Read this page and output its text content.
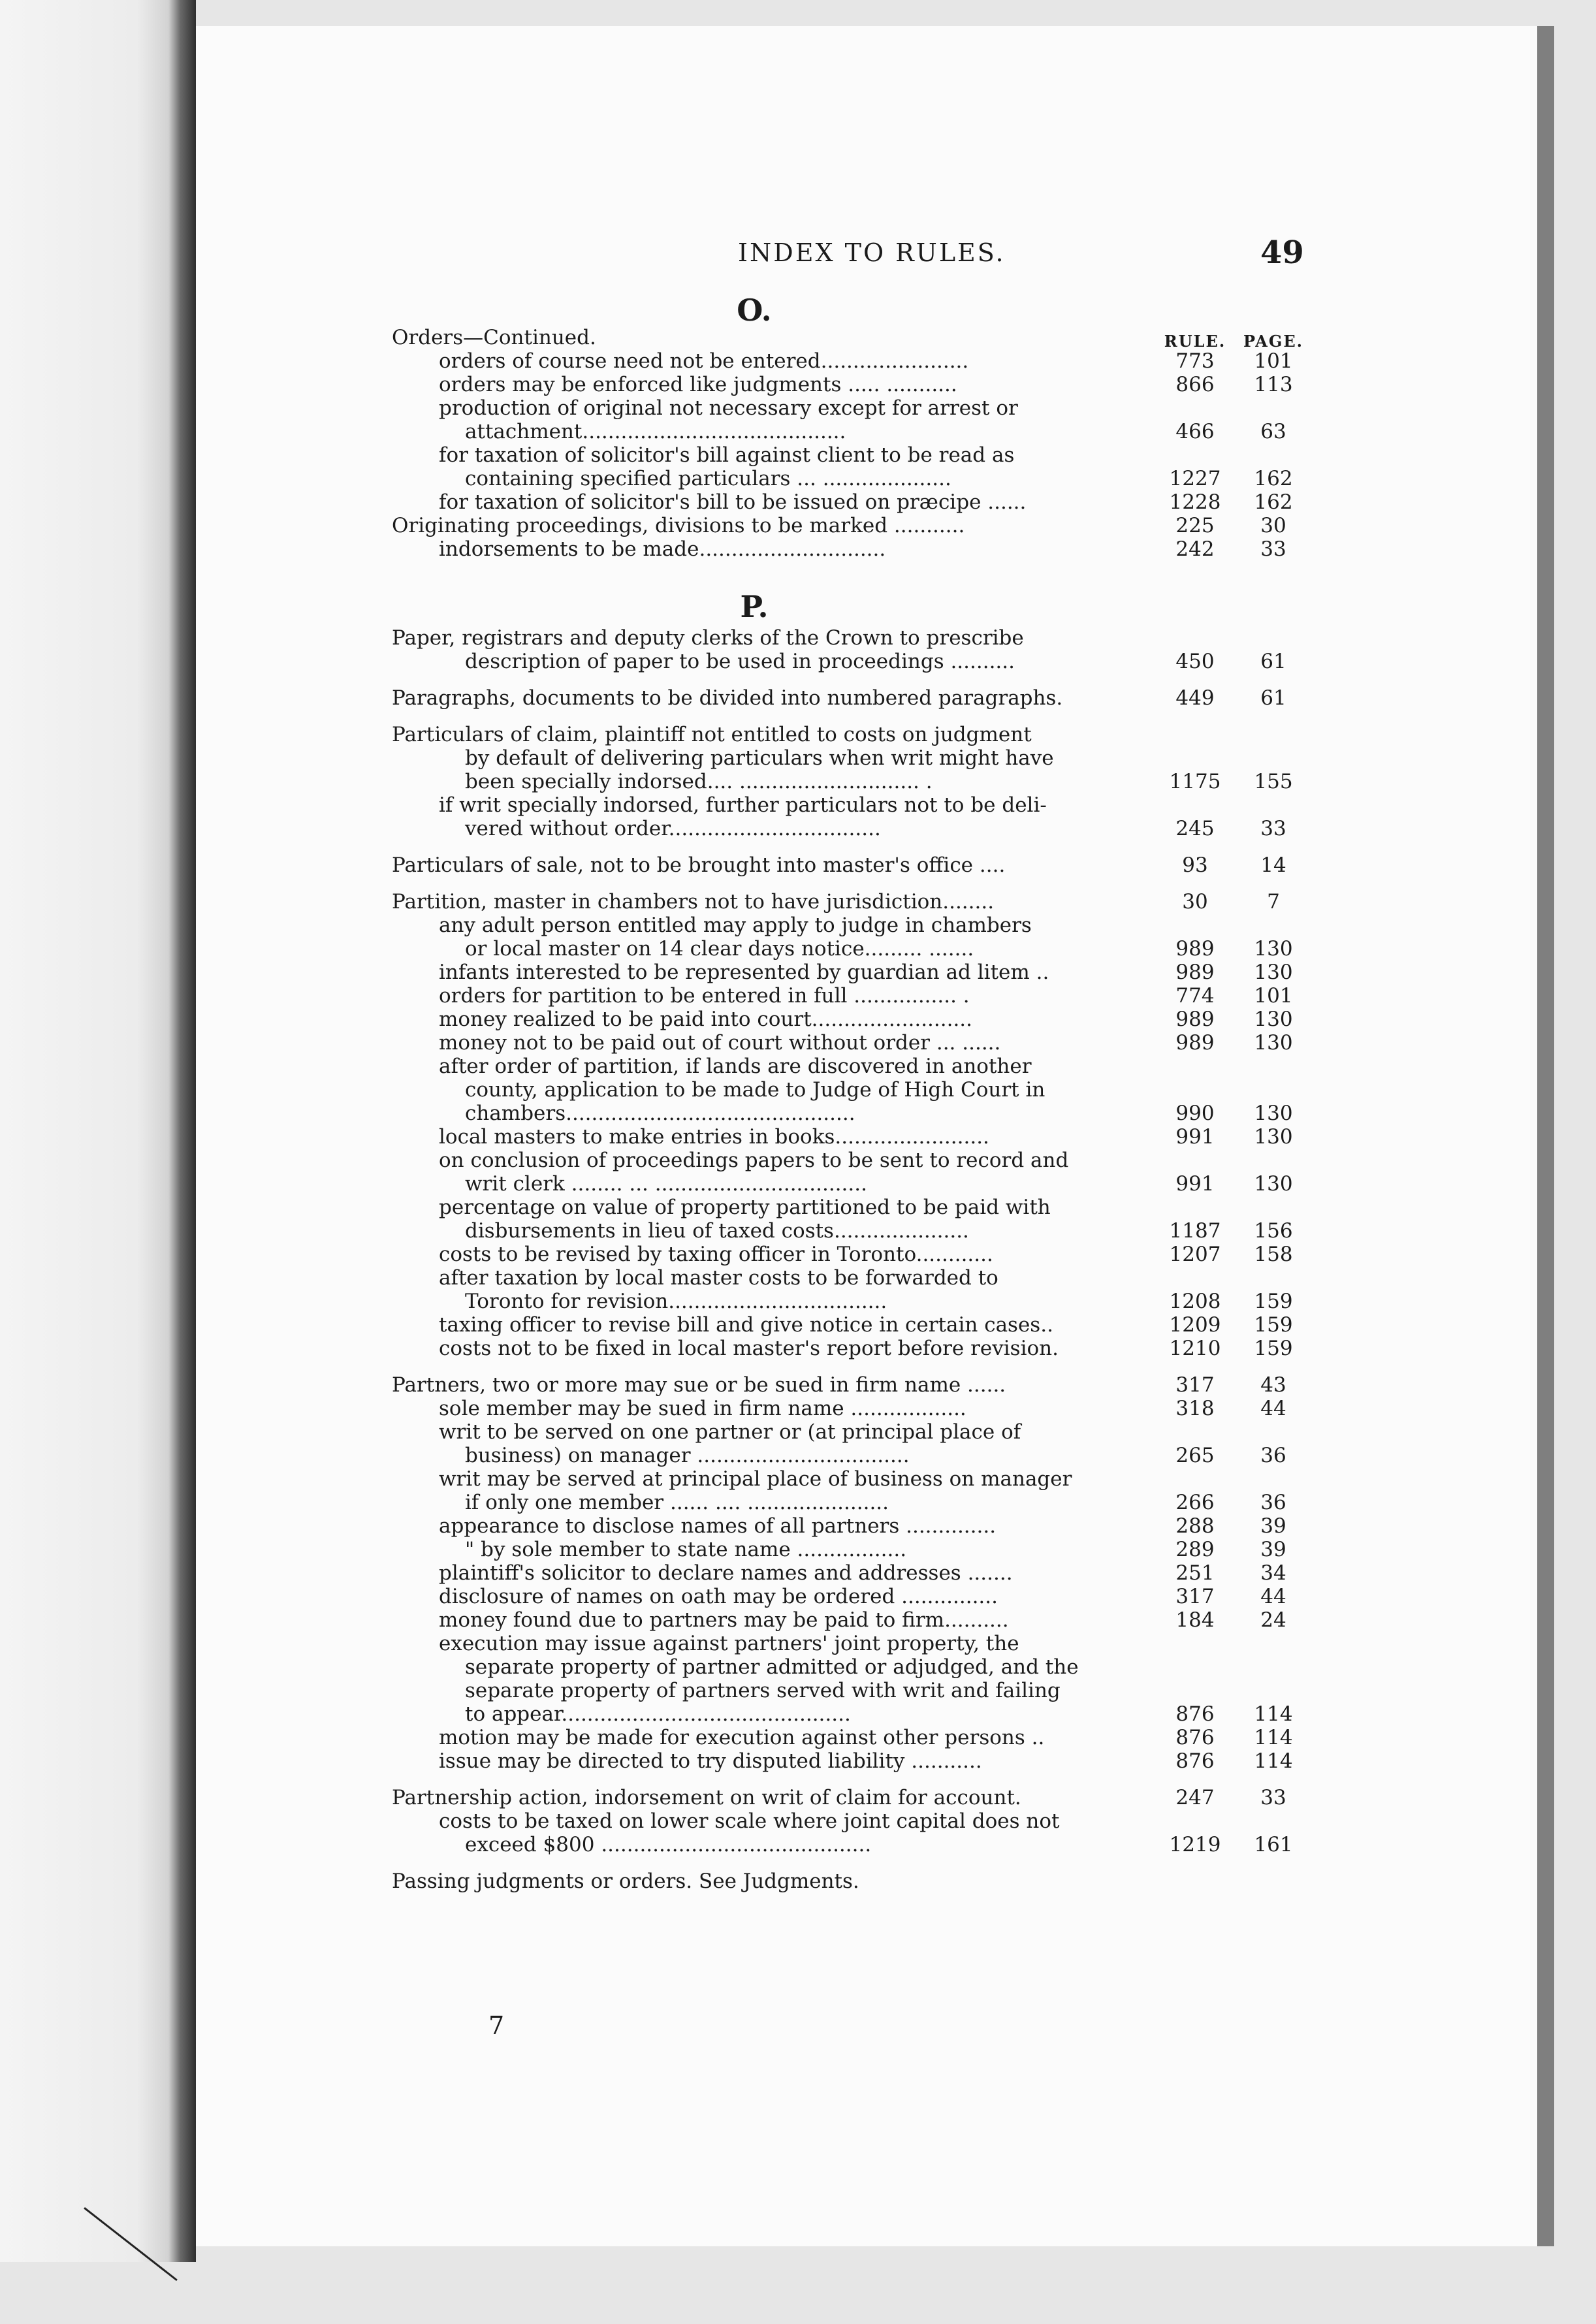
INDEX TO RULES.	49
O.
RULE.	PAGE.
Orders—Continued.
orders of course need not be entered.......................	773	101
orders may be enforced like judgments ..... ...........	866	113
production of original not necessary except for arrest or
attachment.........................................	466	63
for taxation of solicitor's bill against client to be read as
containing specified particulars ... ....................	1227	162
for taxation of solicitor's bill to be issued on præcipe ......	1228	162
Originating proceedings, divisions to be marked ...........	225	30
indorsements to be made.............................	242	33
P.
Paper, registrars and deputy clerks of the Crown to prescribe
description of paper to be used in proceedings ..........	450	61
Paragraphs, documents to be divided into numbered paragraphs.	449	61
Particulars of claim, plaintiff not entitled to costs on judgment
by default of delivering particulars when writ might have
been specially indorsed.... ............................ .	1175	155
if writ specially indorsed, further particulars not to be deli-
vered without order.................................	245	33
Particulars of sale, not to be brought into master's office ....	93	14
Partition, master in chambers not to have jurisdiction........	30	7
any adult person entitled may apply to judge in chambers
or local master on 14 clear days notice......... .......	989	130
infants interested to be represented by guardian ad litem ..	989	130
orders for partition to be entered in full ................ .	774	101
money realized to be paid into court.........................	989	130
money not to be paid out of court without order ... ......	989	130
after order of partition, if lands are discovered in another
county, application to be made to Judge of High Court in
chambers.............................................	990	130
local masters to make entries in books........................	991	130
on conclusion of proceedings papers to be sent to record and
writ clerk ........ ... .................................	991	130
percentage on value of property partitioned to be paid with
disbursements in lieu of taxed costs.....................	1187	156
costs to be revised by taxing officer in Toronto............	1207	158
after taxation by local master costs to be forwarded to
Toronto for revision..................................	1208	159
taxing officer to revise bill and give notice in certain cases..	1209	159
costs not to be fixed in local master's report before revision.	1210	159
Partners, two or more may sue or be sued in firm name ......	317	43
sole member may be sued in firm name ..................	318	44
writ to be served on one partner or (at principal place of
business) on manager .................................	265	36
writ may be served at principal place of business on manager
if only one member ...... .... ......................	266	36
appearance to disclose names of all partners ..............	288	39
" by sole member to state name .................	289	39
plaintiff's solicitor to declare names and addresses .......	251	34
disclosure of names on oath may be ordered ...............	317	44
money found due to partners may be paid to firm..........	184	24
execution may issue against partners' joint property, the
separate property of partner admitted or adjudged, and the
separate property of partners served with writ and failing
to appear.............................................	876	114
motion may be made for execution against other persons ..	876	114
issue may be directed to try disputed liability ...........	876	114
Partnership action, indorsement on writ of claim for account.	247	33
costs to be taxed on lower scale where joint capital does not
exceed $800 ..........................................	1219	161
Passing judgments or orders. See Judgments.
7
